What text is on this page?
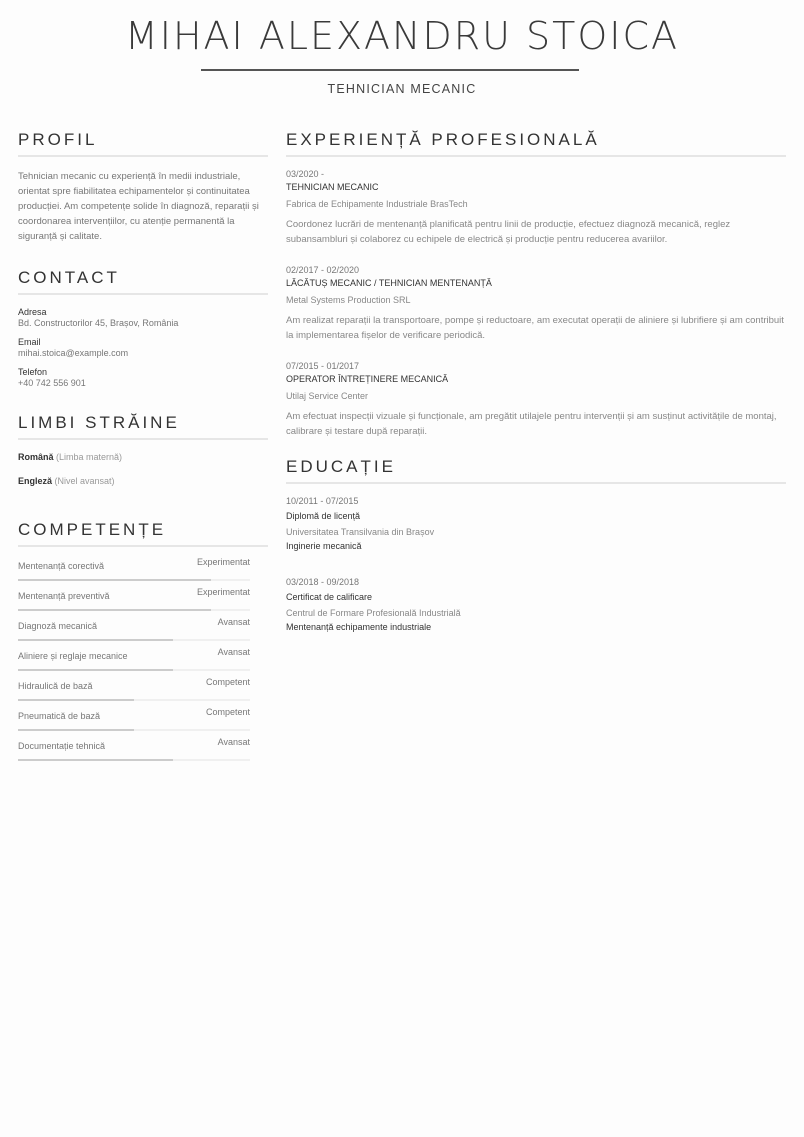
MIHAI ALEXANDRU STOICA
TEHNICIAN MECANIC
PROFIL
Tehnician mecanic cu experiență în medii industriale, orientat spre fiabilitatea echipamentelor și continuitatea producției. Am competențe solide în diagnoză, reparații și coordonarea intervențiilor, cu atenție permanentă la siguranță și calitate.
CONTACT
Adresa
Bd. Constructorilor 45, Brașov, România
Email
mihai.stoica@example.com
Telefon
+40 742 556 901
LIMBI STRĂINE
Română (Limba maternă)
Engleză (Nivel avansat)
COMPETENȚE
Mentenanță corectivă	Experimentat
Mentenanță preventivă	Experimentat
Diagnoză mecanică	Avansat
Aliniere și reglaje mecanice	Avansat
Hidraulică de bază	Competent
Pneumatică de bază	Competent
Documentație tehnică	Avansat
EXPERIENȚĂ PROFESIONALĂ
03/2020 -
TEHNICIAN MECANIC
Fabrica de Echipamente Industriale BrasTech
Coordonez lucrări de mentenanță planificată pentru linii de producție, efectuez diagnoză mecanică, reglez subansambluri și colaborez cu echipele de electrică și producție pentru reducerea avariilor.
02/2017 - 02/2020
LĂCĂTUȘ MECANIC / TEHNICIAN MENTENANȚĂ
Metal Systems Production SRL
Am realizat reparații la transportoare, pompe și reductoare, am executat operații de aliniere și lubrifiere și am contribuit la implementarea fișelor de verificare periodică.
07/2015 - 01/2017
OPERATOR ÎNTREȚINERE MECANICĂ
Utilaj Service Center
Am efectuat inspecții vizuale și funcționale, am pregătit utilajele pentru intervenții și am susținut activitățile de montaj, calibrare și testare după reparații.
EDUCAȚIE
10/2011 - 07/2015
Diplomă de licență
Universitatea Transilvania din Brașov
Inginerie mecanică
03/2018 - 09/2018
Certificat de calificare
Centrul de Formare Profesională Industrială
Mentenanță echipamente industriale
